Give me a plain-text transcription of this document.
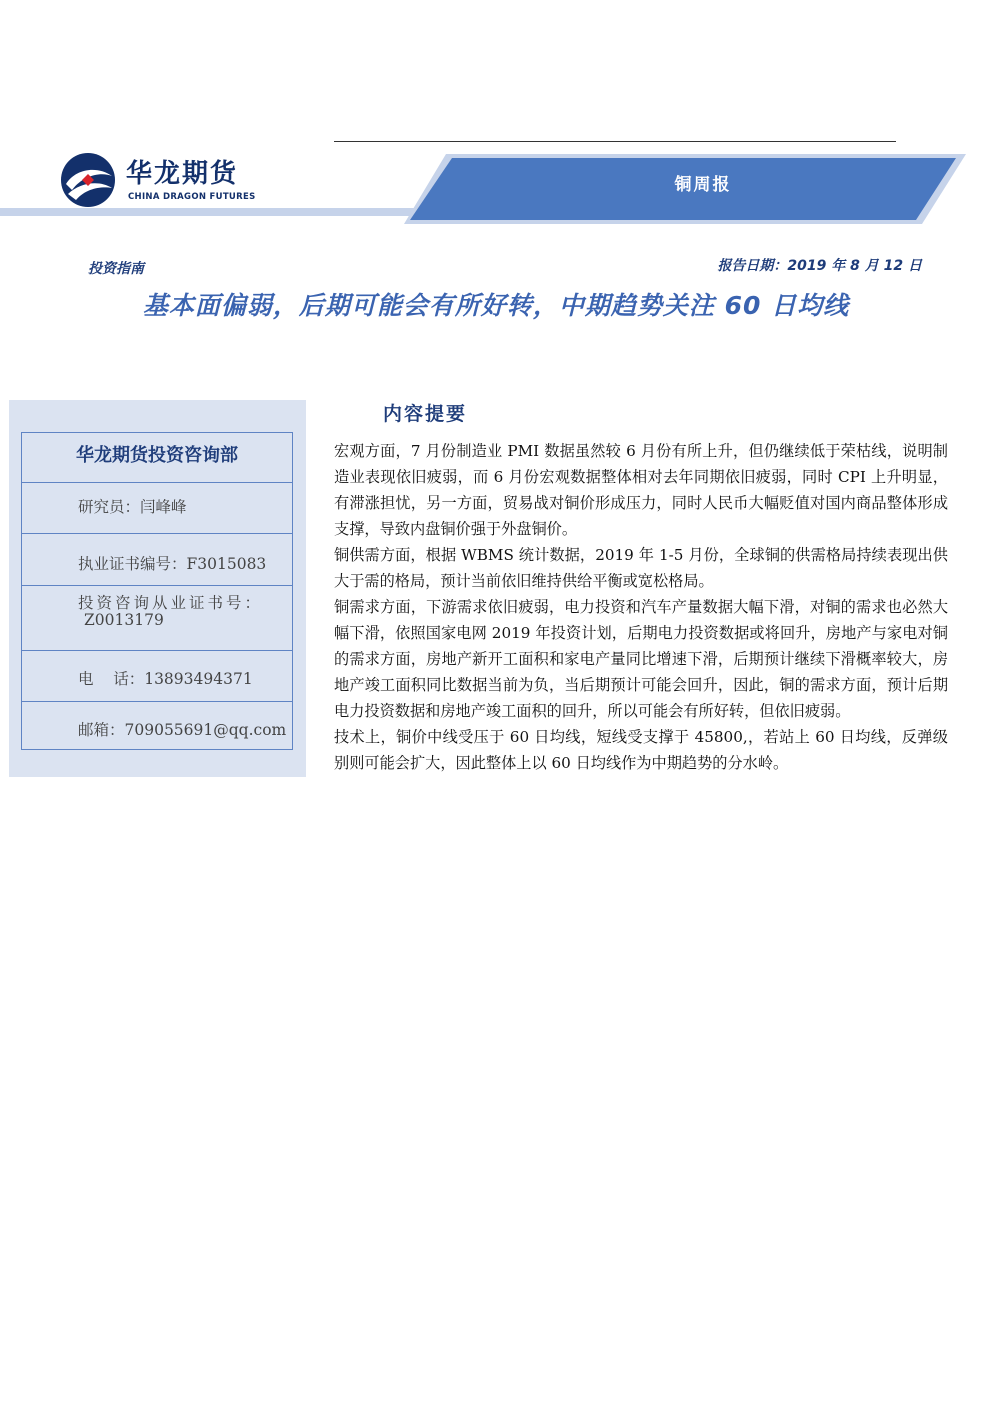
铜周报
华龙期货
CHINA DRAGON FUTURES
投资指南	报告日期：2019 年 8 月 12 日
基本面偏弱，后期可能会有所好转，中期趋势关注 60 日均线
华龙期货投资咨询部
研究员：闫峰峰
执业证书编号：F3015083
投资咨询从业证书号：
Z0013179
电    话：13893494371
邮箱：709055691@qq.com
内容提要

宏观方面，7 月份制造业 PMI 数据虽然较 6 月份有所上升，但仍继续低于荣枯线，说明制造业表现依旧疲弱，而 6 月份宏观数据整体相对去年同期依旧疲弱，同时 CPI 上升明显，有滞涨担忧，另一方面，贸易战对铜价形成压力，同时人民币大幅贬值对国内商品整体形成支撑，导致内盘铜价强于外盘铜价。

铜供需方面，根据 WBMS 统计数据，2019 年 1-5 月份，全球铜的供需格局持续表现出供大于需的格局，预计当前依旧维持供给平衡或宽松格局。

铜需求方面，下游需求依旧疲弱，电力投资和汽车产量数据大幅下滑，对铜的需求也必然大幅下滑，依照国家电网 2019 年投资计划，后期电力投资数据或将回升，房地产与家电对铜的需求方面，房地产新开工面积和家电产量同比增速下滑，后期预计继续下滑概率较大，房地产竣工面积同比数据当前为负，当后期预计可能会回升，因此，铜的需求方面，预计后期电力投资数据和房地产竣工面积的回升，所以可能会有所好转，但依旧疲弱。

技术上，铜价中线受压于 60 日均线，短线受支撑于 45800,，若站上 60 日均线，反弹级别则可能会扩大，因此整体上以 60 日均线作为中期趋势的分水岭。
